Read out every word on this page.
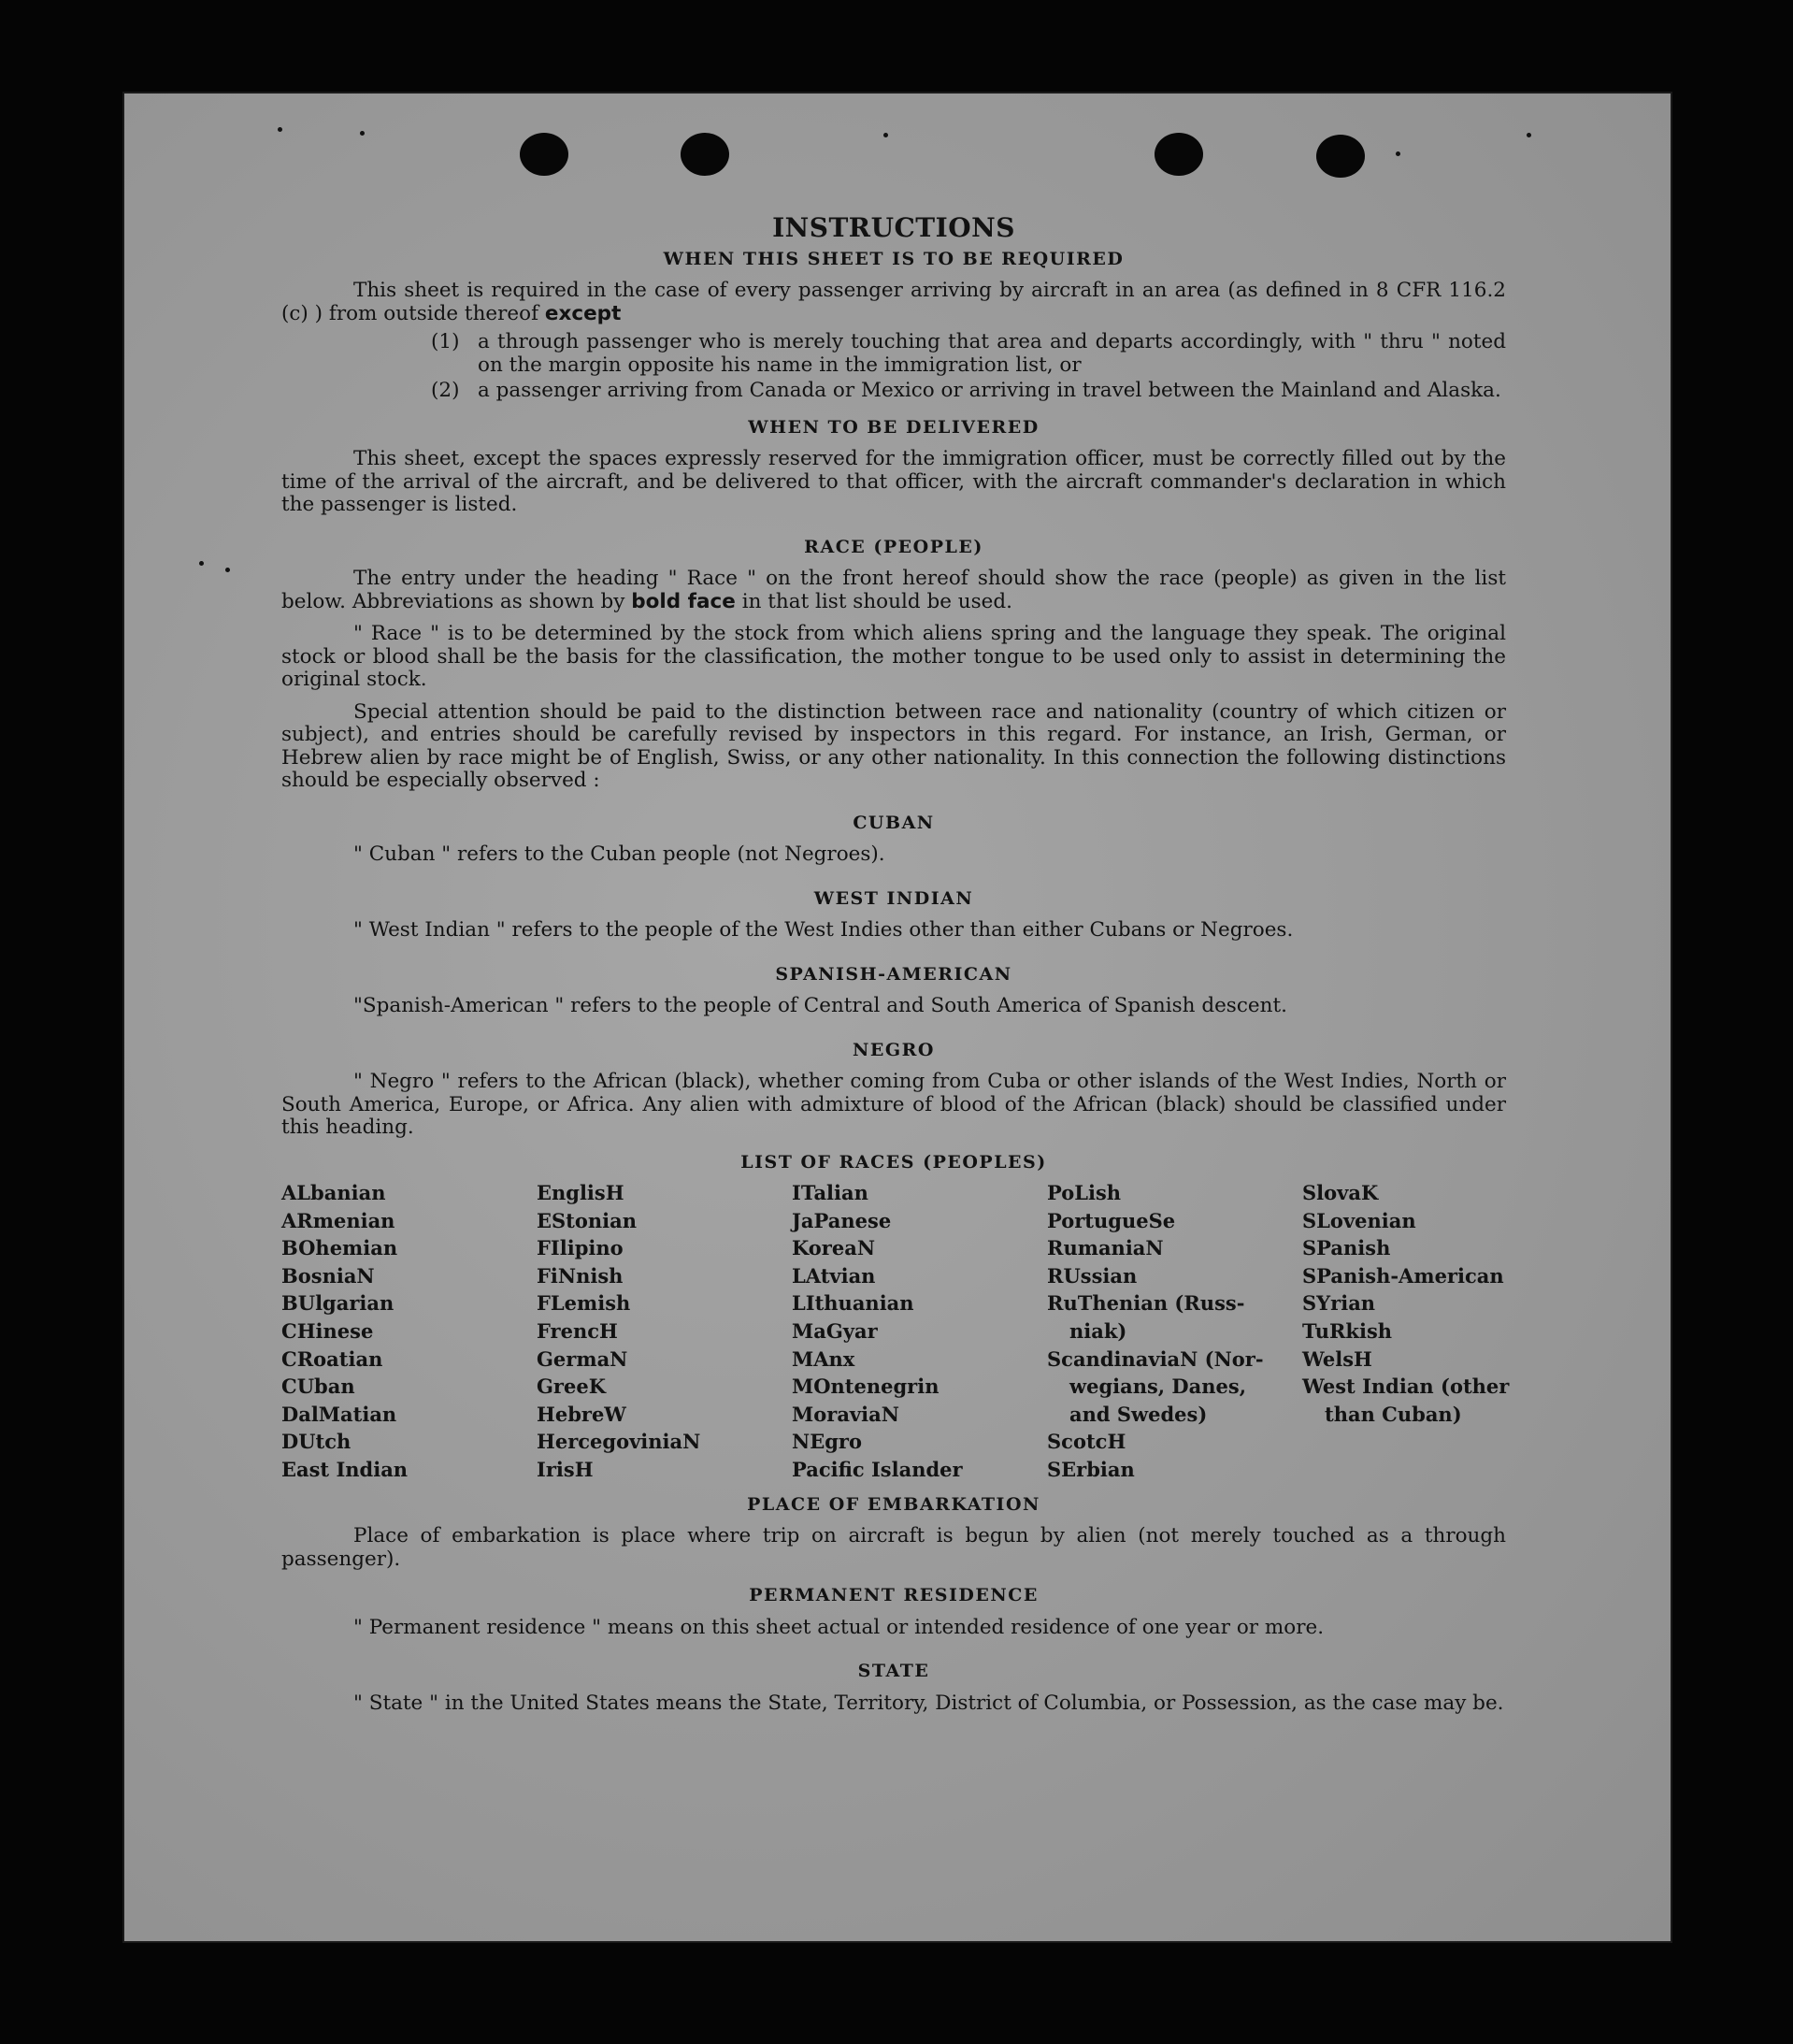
INSTRUCTIONS
WHEN THIS SHEET IS TO BE REQUIRED

This sheet is required in the case of every passenger arriving by aircraft in an area (as defined in 8 CFR 116.2 (c) ) from outside thereof except

(1) a through passenger who is merely touching that area and departs accordingly, with " thru " noted on the margin opposite his name in the immigration list, or

(2) a passenger arriving from Canada or Mexico or arriving in travel between the Mainland and Alaska.

WHEN TO BE DELIVERED

This sheet, except the spaces expressly reserved for the immigration officer, must be correctly filled out by the time of the arrival of the aircraft, and be delivered to that officer, with the aircraft commander's declaration in which the passenger is listed.

RACE (PEOPLE)

The entry under the heading " Race " on the front hereof should show the race (people) as given in the list below. Abbreviations as shown by bold face in that list should be used.

" Race " is to be determined by the stock from which aliens spring and the language they speak. The original stock or blood shall be the basis for the classification, the mother tongue to be used only to assist in determining the original stock.

Special attention should be paid to the distinction between race and nationality (country of which citizen or subject), and entries should be carefully revised by inspectors in this regard. For instance, an Irish, German, or Hebrew alien by race might be of English, Swiss, or any other nationality. In this connection the following distinctions should be especially observed :

CUBAN

" Cuban " refers to the Cuban people (not Negroes).

WEST INDIAN

" West Indian " refers to the people of the West Indies other than either Cubans or Negroes.

SPANISH-AMERICAN

"Spanish-American " refers to the people of Central and South America of Spanish descent.

NEGRO

" Negro " refers to the African (black), whether coming from Cuba or other islands of the West Indies, North or South America, Europe, or Africa. Any alien with admixture of blood of the African (black) should be classified under this heading.

LIST OF RACES (PEOPLES)
ALbanian
ARmenian
BOhemian
BosniaN
BUlgarian
CHinese
CRoatian
CUban
DalMatian
DUtch
East Indian
EnglisH
EStonian
FIlipino
FiNnish
FLemish
FrencH
GermaN
GreeK
HebreW
HercegoviniaN
IrisH
ITalian
JaPanese
KoreaN
LAtvian
LIthuanian
MaGyar
MAnx
MOntenegrin
MoraviaN
NEgro
Pacific Islander
PoLish
PortugueSe
RumaniaN
RUssian
RuThenian (Russ-
niak)
ScandinaviaN (Nor-
wegians, Danes,
and Swedes)
ScotcH
SErbian
SlovaK
SLovenian
SPanish
SPanish-American
SYrian
TuRkish
WelsH
West Indian (other
than Cuban)
PLACE OF EMBARKATION

Place of embarkation is place where trip on aircraft is begun by alien (not merely touched as a through passenger).

PERMANENT RESIDENCE

" Permanent residence " means on this sheet actual or intended residence of one year or more.

STATE

" State " in the United States means the State, Territory, District of Columbia, or Possession, as the case may be.
